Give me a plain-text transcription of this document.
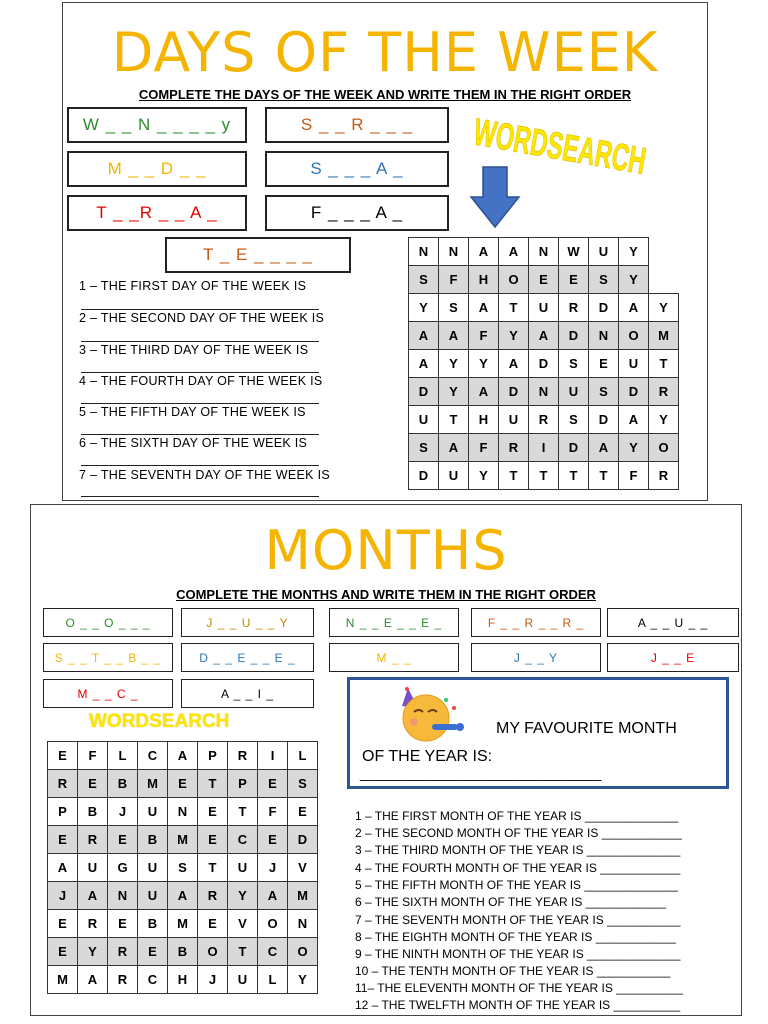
DAYS OF THE WEEK
COMPLETE THE DAYS OF THE WEEK AND WRITE THEM IN THE RIGHT ORDER
W _ _ N _ _ _ _ y	S _ _ R _ _ _
M _ _ D _ _	S _ _ _ A _
T _ _R _ _ A _	F _ _ _ A _
T _ E _ _ _ _
WORDSEARCH
1 – THE FIRST DAY OF THE WEEK IS
2 – THE SECOND DAY OF THE WEEK IS
3 – THE THIRD DAY OF THE WEEK IS
4 – THE FOURTH DAY OF THE WEEK IS
5 – THE FIFTH DAY OF THE WEEK IS
6 – THE SIXTH DAY OF THE WEEK IS
7 – THE SEVENTH DAY OF THE WEEK IS
N	N	A	A	N	W	U	Y	
S	F	H	O	E	E	S	Y	
Y	S	A	T	U	R	D	A	Y
A	A	F	Y	A	D	N	O	M
A	Y	Y	A	D	S	E	U	T
D	Y	A	D	N	U	S	D	R
U	T	H	U	R	S	D	A	Y
S	A	F	R	I	D	A	Y	O
D	U	Y	T	T	T	T	F	R
MONTHS
COMPLETE THE MONTHS AND WRITE THEM IN THE RIGHT ORDER
O _ _ O _ _ _	J _ _ U _ _ Y	N _ _ E _ _ E _	F _ _ R _ _ R _	A _ _ U _ _
S _ _ T _ _ B _ _	D _ _ E _ _ E _	M _ _	J _ _ Y	J _ _ E
M _ _ C _	A _ _ I _
WORDSEARCH	MY FAVOURITE MONTH
OF THE YEAR IS:
_______________________________
E	F	L	C	A	P	R	I	L
R	E	B	M	E	T	P	E	S
P	B	J	U	N	E	T	F	E
E	R	E	B	M	E	C	E	D
A	U	G	U	S	T	U	J	V
J	A	N	U	A	R	Y	A	M
E	R	E	B	M	E	V	O	N
E	Y	R	E	B	O	T	C	O
M	A	R	C	H	J	U	L	Y
1 – THE FIRST MONTH OF THE YEAR IS ______________
2 – THE SECOND MONTH OF THE YEAR IS ____________
3 – THE THIRD MONTH OF THE YEAR IS ______________
4 – THE FOURTH MONTH OF THE YEAR IS ____________
5 – THE FIFTH MONTH OF THE YEAR IS ______________
6 – THE SIXTH MONTH OF THE YEAR IS ____________
7 – THE SEVENTH MONTH OF THE YEAR IS ___________
8 – THE EIGHTH MONTH OF THE YEAR IS ____________
9 – THE NINTH MONTH OF THE YEAR IS ______________
10 – THE TENTH MONTH OF THE YEAR IS ___________
11– THE ELEVENTH MONTH OF THE YEAR IS __________
12 – THE TWELFTH MONTH OF THE YEAR IS __________
